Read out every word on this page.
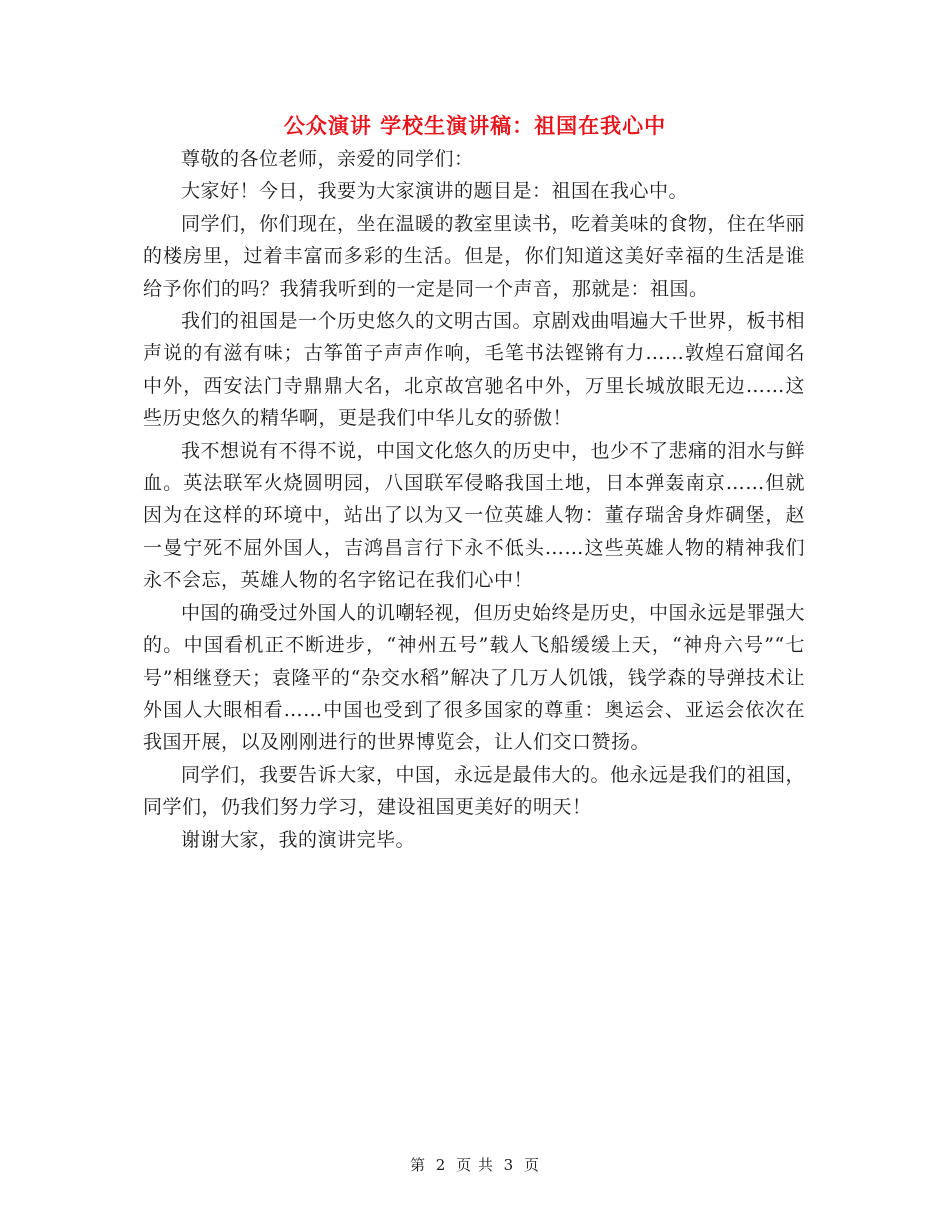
公众演讲 学校生演讲稿：祖国在我心中

尊敬的各位老师，亲爱的同学们：

大家好！今日，我要为大家演讲的题目是：祖国在我心中。

同学们，你们现在，坐在温暖的教室里读书，吃着美味的食物，住在华丽的楼房里，过着丰富而多彩的生活。但是，你们知道这美好幸福的生活是谁给予你们的吗？我猜我听到的一定是同一个声音，那就是：祖国。

我们的祖国是一个历史悠久的文明古国。京剧戏曲唱遍大千世界，板书相声说的有滋有味；古筝笛子声声作响，毛笔书法铿锵有力……敦煌石窟闻名中外，西安法门寺鼎鼎大名，北京故宫驰名中外，万里长城放眼无边……这些历史悠久的精华啊，更是我们中华儿女的骄傲！

我不想说有不得不说，中国文化悠久的历史中，也少不了悲痛的泪水与鲜血。英法联军火烧圆明园，八国联军侵略我国土地，日本弹轰南京……但就因为在这样的环境中，站出了以为又一位英雄人物：董存瑞舍身炸碉堡，赵一曼宁死不屈外国人，吉鸿昌言行下永不低头……这些英雄人物的精神我们永不会忘，英雄人物的名字铭记在我们心中！

中国的确受过外国人的讥嘲轻视，但历史始终是历史，中国永远是罪强大的。中国看机正不断进步，“神州五号”载人飞船缓缓上天，“神舟六号”“七号”相继登天；袁隆平的“杂交水稻”解决了几万人饥饿，钱学森的导弹技术让外国人大眼相看……中国也受到了很多国家的尊重：奥运会、亚运会依次在我国开展，以及刚刚进行的世界博览会，让人们交口赞扬。

同学们，我要告诉大家，中国，永远是最伟大的。他永远是我们的祖国，同学们，仍我们努力学习，建设祖国更美好的明天！

谢谢大家，我的演讲完毕。

第 2 页 共 3 页
